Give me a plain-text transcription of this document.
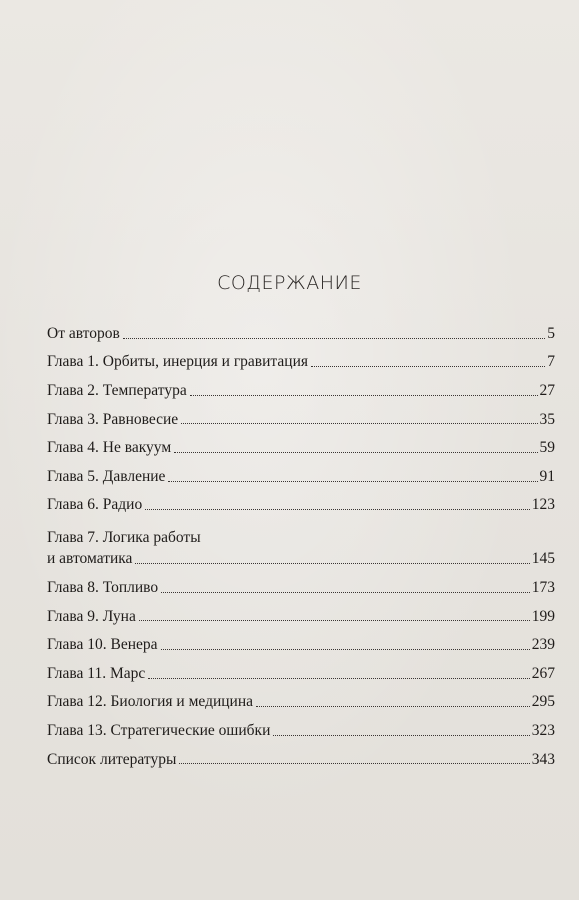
СОДЕРЖАНИЕ
От авторов	5
Глава 1. Орбиты, инерция и гравитация	7
Глава 2. Температура	27
Глава 3. Равновесие	35
Глава 4. Не вакуум	59
Глава 5. Давление	91
Глава 6. Радио	123
Глава 7. Логика работы
и автоматика	145
Глава 8. Топливо	173
Глава 9. Луна	199
Глава 10. Венера	239
Глава 11. Марс	267
Глава 12. Биология и медицина	295
Глава 13. Стратегические ошибки	323
Список литературы	343
